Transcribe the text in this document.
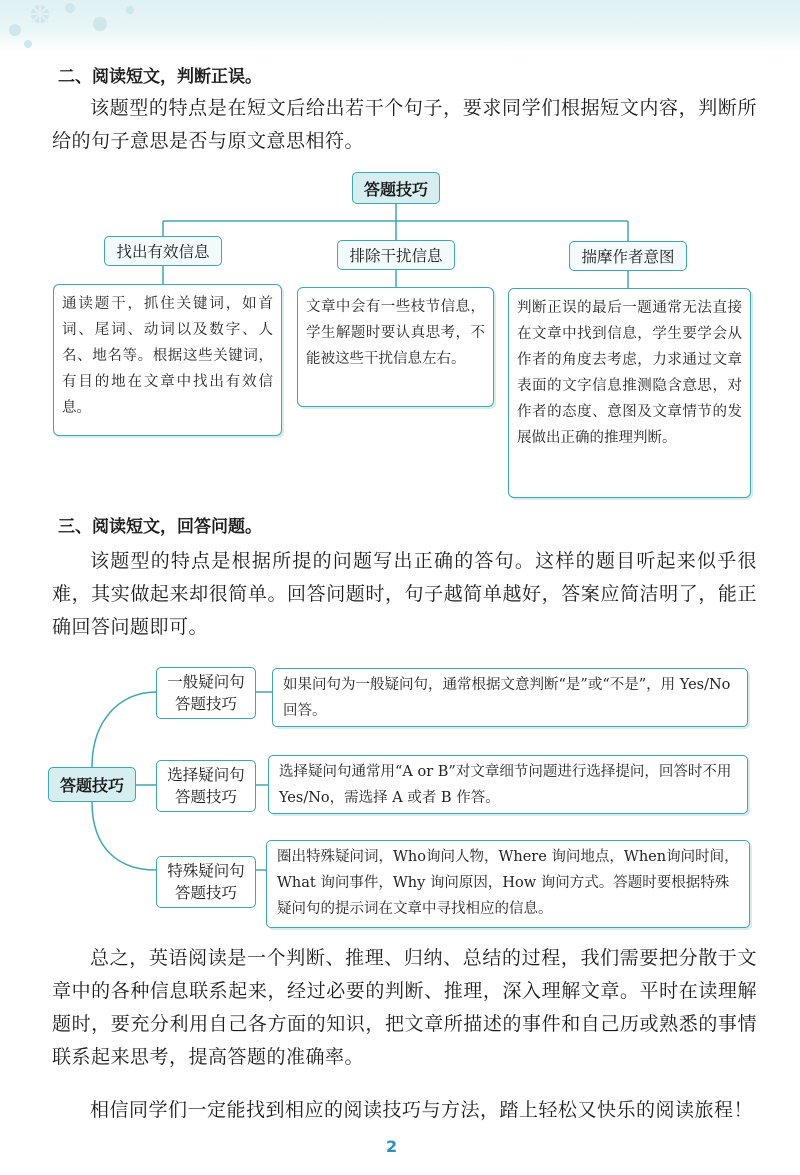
二、阅读短文，判断正误。
该题型的特点是在短文后给出若干个句子，要求同学们根据短文内容，判断所给的句子意思是否与原文意思相符。
答题技巧
找出有效信息	排除干扰信息	揣摩作者意图
通读题干，抓住关键词，如首词、尾词、动词以及数字、人名、地名等。根据这些关键词，有目的地在文章中找出有效信息。
文章中会有一些枝节信息，学生解题时要认真思考，不能被这些干扰信息左右。
判断正误的最后一题通常无法直接在文章中找到信息，学生要学会从作者的角度去考虑，力求通过文章表面的文字信息推测隐含意思，对作者的态度、意图及文章情节的发展做出正确的推理判断。
三、阅读短文，回答问题。
该题型的特点是根据所提的问题写出正确的答句。这样的题目听起来似乎很难，其实做起来却很简单。回答问题时，句子越简单越好，答案应简洁明了，能正确回答问题即可。
答题技巧
一般疑问句
答题技巧
选择疑问句
答题技巧
特殊疑问句
答题技巧
如果问句为一般疑问句，通常根据文意判断“是”或“不是”，用 Yes/No回答。
选择疑问句通常用“A or B”对文章细节问题进行选择提问，回答时不用Yes/No，需选择 A 或者 B 作答。
圈出特殊疑问词，Who询问人物，Where 询问地点，When询问时间，What 询问事件，Why 询问原因，How 询问方式。答题时要根据特殊疑问句的提示词在文章中寻找相应的信息。
总之，英语阅读是一个判断、推理、归纳、总结的过程，我们需要把分散于文章中的各种信息联系起来，经过必要的判断、推理，深入理解文章。平时在读理解题时，要充分利用自己各方面的知识，把文章所描述的事件和自己历或熟悉的事情联系起来思考，提高答题的准确率。
相信同学们一定能找到相应的阅读技巧与方法，踏上轻松又快乐的阅读旅程！
2
